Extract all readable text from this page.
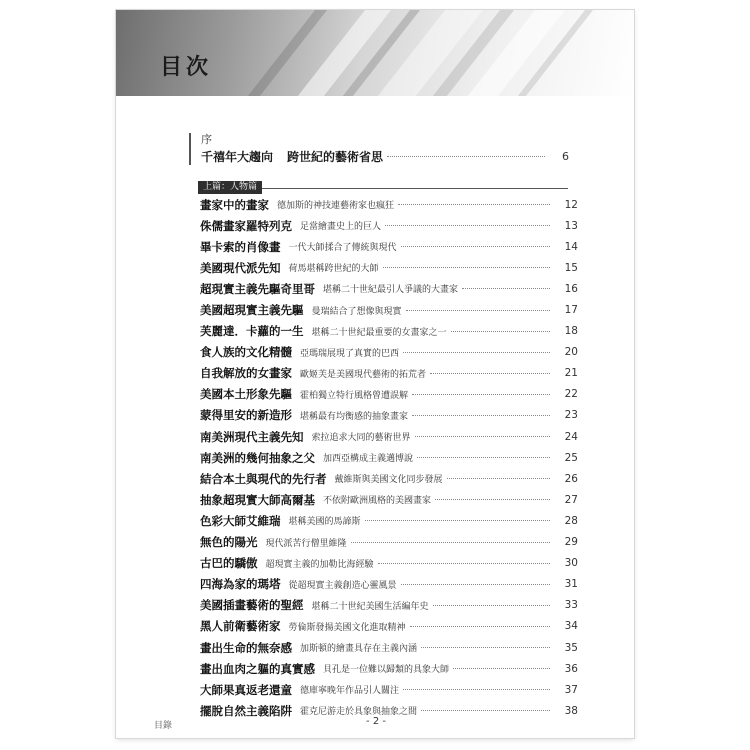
目次
序
千禧年大趨向 跨世紀的藝術省思	6
上篇：人物篇
畫家中的畫家 德加斯的神技連藝術家也瘋狂	12
侏儒畫家羅特列克 足當繪畫史上的巨人	13
畢卡索的肖像畫 一代大師揉合了傳統與現代	14
美國現代派先知 荷馬堪稱跨世紀的大師	15
超現實主義先驅奇里哥 堪稱二十世紀最引人爭議的大畫家	16
美國超現實主義先驅 曼瑞結合了想像與現實	17
芙麗達．卡蘿的一生 堪稱二十世紀最重要的女畫家之一	18
食人族的文化精髓 亞瑪瑞展現了真實的巴西	20
自我解放的女畫家 歐姬芙是美國現代藝術的拓荒者	21
美國本土形象先驅 霍柏獨立特行風格曾遭誤解	22
蒙得里安的新造形 堪稱最有均衡感的抽象畫家	23
南美洲現代主義先知 索拉追求大同的藝術世界	24
南美洲的幾何抽象之父 加西亞構成主義邁博說	25
結合本土與現代的先行者 戴維斯與美國文化同步發展	26
抽象超現實大師高爾基 不依附歐洲風格的美國畫家	27
色彩大師艾維瑞 堪稱美國的馬諦斯	28
無色的陽光 現代派苦行僧里維隆	29
古巴的驕傲 超現實主義的加勒比海經驗	30
四海為家的瑪塔 從超現實主義創造心靈風景	31
美國插畫藝術的聖經 堪稱二十世紀美國生活編年史	33
黑人前衛藝術家 勞倫斯發揚美國文化進取精神	34
畫出生命的無奈感 加斯頓的繪畫具存在主義內涵	35
畫出血肉之軀的真實感 貝孔是一位難以歸類的具象大師	36
大師果真返老還童 德庫寧晚年作品引人關注	37
擺脫自然主義陷阱 霍克尼游走於具象與抽象之間	38
目錄	- 2 -
